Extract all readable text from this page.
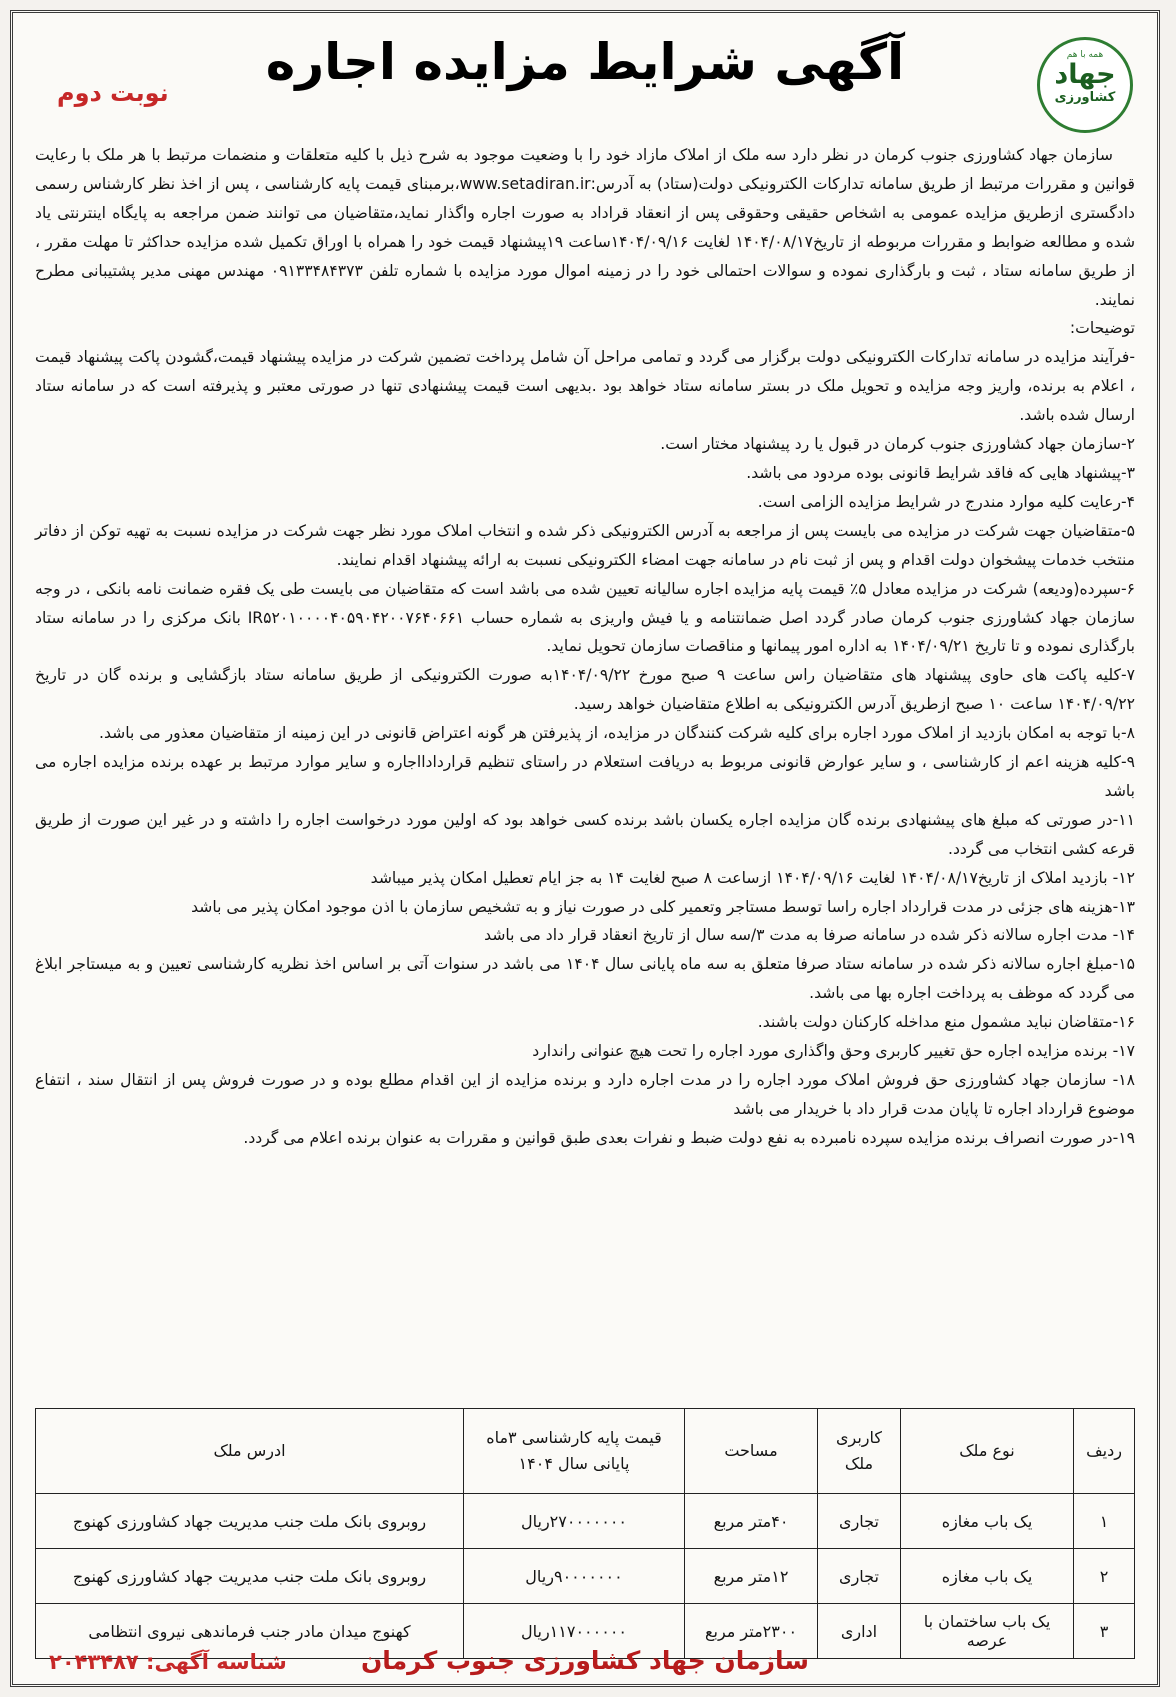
همه با هم
جهاد
کشاورزی
آگهی شرایط مزایده اجاره
نوبت دوم

سازمان جهاد کشاورزی جنوب کرمان در نظر دارد سه ملک از املاک مازاد خود را با وضعیت موجود به شرح ذیل با کلیه متعلقات و منضمات مرتبط با هر ملک با رعایت قوانین و مقررات مرتبط از طریق سامانه تدارکات الکترونیکی دولت(ستاد) به آدرس:www.setadiran.ir،برمبنای قیمت پایه کارشناسی ، پس از اخذ نظر کارشناس رسمی دادگستری ازطریق مزایده عمومی به اشخاص حقیقی وحقوقی پس از انعقاد قراداد به صورت اجاره واگذار نماید،متقاضیان می توانند ضمن مراجعه به پایگاه اینترنتی یاد شده و مطالعه ضوابط و مقررات مربوطه از تاریخ۱۴۰۴/۰۸/۱۷ لغایت ۱۴۰۴/۰۹/۱۶ساعت ۱۹پیشنهاد قیمت خود را همراه با اوراق تکمیل شده مزایده حداکثر تا مهلت مقرر ، از طریق سامانه ستاد ، ثبت و بارگذاری نموده و سوالات احتمالی خود را در زمینه اموال مورد مزایده با شماره تلفن ۰۹۱۳۳۴۸۴۳۷۳ مهندس مهنی مدیر پشتیبانی مطرح نمایند.

توضیحات:

-فرآیند مزایده در سامانه تدارکات الکترونیکی دولت برگزار می گردد و تمامی مراحل آن شامل پرداخت تضمین شرکت در مزایده پیشنهاد قیمت،گشودن پاکت پیشنهاد قیمت ، اعلام به برنده، واریز وجه مزایده و تحویل ملک در بستر سامانه ستاد خواهد بود .بدیهی است قیمت پیشنهادی تنها در صورتی معتبر و پذیرفته است که در سامانه ستاد ارسال شده باشد.

۲-سازمان جهاد کشاورزی جنوب کرمان در قبول یا رد پیشنهاد مختار است.

۳-پیشنهاد هایی که فاقد شرایط قانونی بوده مردود می باشد.

۴-رعایت کلیه موارد مندرج در شرایط مزایده الزامی است.

۵-متقاضیان جهت شرکت در مزایده می بایست پس از مراجعه به آدرس الکترونیکی ذکر شده و انتخاب املاک مورد نظر جهت شرکت در مزایده نسبت به تهیه توکن از دفاتر منتخب خدمات پیشخوان دولت اقدام و پس از ثبت نام در سامانه جهت امضاء الکترونیکی نسبت به ارائه پیشنهاد اقدام نمایند.

۶-سپرده(ودیعه) شرکت در مزایده معادل ۵٪ قیمت پایه مزایده اجاره سالیانه تعیین شده می باشد است که متقاضیان می بایست طی یک فقره ضمانت نامه بانکی ، در وجه سازمان جهاد کشاورزی جنوب کرمان صادر گردد اصل ضمانتنامه و یا فیش واریزی به شماره حساب IR۵۲۰۱۰۰۰۰۴۰۵۹۰۴۲۰۰۷۶۴۰۶۶۱ بانک مرکزی را در سامانه ستاد بارگذاری نموده و تا تاریخ ۱۴۰۴/۰۹/۲۱ به اداره امور پیمانها و مناقصات سازمان تحویل نماید.

۷-کلیه پاکت های حاوی پیشنهاد های متقاضیان راس ساعت ۹ صبح مورخ ۱۴۰۴/۰۹/۲۲به صورت الکترونیکی از طریق سامانه ستاد بازگشایی و برنده گان در تاریخ ۱۴۰۴/۰۹/۲۲ ساعت ۱۰ صبح ازطریق آدرس الکترونیکی به اطلاع متقاضیان خواهد رسید.

۸-با توجه به امکان بازدید از املاک مورد اجاره برای کلیه شرکت کنندگان در مزایده، از پذیرفتن هر گونه اعتراض قانونی در این زمینه از متقاضیان معذور می باشد.

۹-کلیه هزینه اعم از کارشناسی ، و سایر عوارض قانونی مربوط به دریافت استعلام در راستای تنظیم قراردادااجاره و سایر موارد مرتبط بر عهده برنده مزایده اجاره می باشد

۱۱-در صورتی که مبلغ های پیشنهادی برنده گان مزایده اجاره یکسان باشد برنده کسی خواهد بود که اولین مورد درخواست اجاره را داشته و در غیر این صورت از طریق قرعه کشی انتخاب می گردد.

۱۲- بازدید املاک از تاریخ۱۴۰۴/۰۸/۱۷ لغایت ۱۴۰۴/۰۹/۱۶ ازساعت ۸ صبح لغایت ۱۴ به جز ایام تعطیل امکان پذیر میباشد

۱۳-هزینه های جزئی در مدت قرارداد اجاره راسا توسط مستاجر وتعمیر کلی در صورت نیاز و به تشخیص سازمان با اذن موجود امکان پذیر می باشد

۱۴- مدت اجاره سالانه ذکر شده در سامانه صرفا به مدت ۳/سه سال از تاریخ انعقاد قرار داد می باشد

۱۵-مبلغ اجاره سالانه ذکر شده در سامانه ستاد صرفا متعلق به سه ماه پایانی سال ۱۴۰۴ می باشد در سنوات آتی بر اساس اخذ نظریه کارشناسی تعیین و به میستاجر ابلاغ می گردد که موظف به پرداخت اجاره بها می باشد.

۱۶-متقاضان نباید مشمول منع مداخله کارکنان دولت باشند.

۱۷- برنده مزایده اجاره حق تغییر کاربری وحق واگذاری مورد اجاره را تحت هیچ عنوانی راندارد

۱۸- سازمان جهاد کشاورزی حق فروش املاک مورد اجاره را در مدت اجاره دارد و برنده مزایده از این اقدام مطلع بوده و در صورت فروش پس از انتقال سند ، انتفاع موضوع قرارداد اجاره تا پایان مدت قرار داد با خریدار می باشد

۱۹-در صورت انصراف برنده مزایده سپرده نامبرده به نفع دولت ضبط و نفرات بعدی طبق قوانین و مقررات به عنوان برنده اعلام می گردد.

ردیف	نوع ملک	کاربری ملک	مساحت	قیمت پایه کارشناسی ۳ماه پایانی سال ۱۴۰۴	ادرس ملک
۱	یک باب مغازه	تجاری	۴۰متر مربع	۲۷۰۰۰۰۰۰۰ریال	روبروی بانک ملت جنب مدیریت جهاد کشاورزی کهنوج
۲	یک باب مغازه	تجاری	۱۲متر مربع	۹۰۰۰۰۰۰۰ریال	روبروی بانک ملت جنب مدیریت جهاد کشاورزی کهنوج
۳	یک باب ساختمان با عرصه	اداری	۲۳۰۰متر مربع	۱۱۷۰۰۰۰۰۰ریال	کهنوج میدان مادر جنب فرماندهی نیروی انتظامی
سازمان جهاد کشاورزی جنوب کرمان
شناسه آگهی: ۲۰۴۳۴۸۷
